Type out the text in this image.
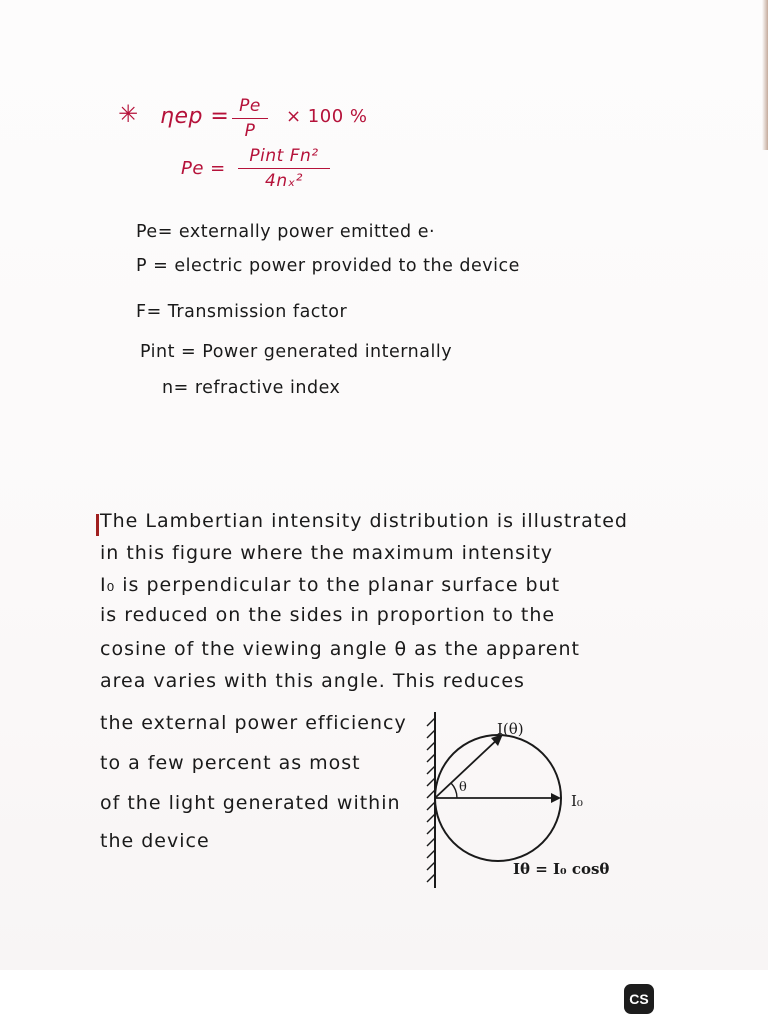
✳ ηep = Pe
P
× 100 %
Pe =
Pint Fn²
4nₓ²
Pe= externally power emitted e·
P = electric power provided to the device
F= Transmission factor
Pint = Power generated internally
n= refractive index
The Lambertian intensity distribution is illustrated
in this figure where the maximum intensity
I₀ is perpendicular to the planar surface but
is reduced on the sides in proportion to the
cosine of the viewing angle θ as the apparent
area varies with this angle. This reduces
the external power efficiency
to a few percent as most
of the light generated within
the device
I(θ)
θ
I₀
Iθ = I₀ cosθ
CS
